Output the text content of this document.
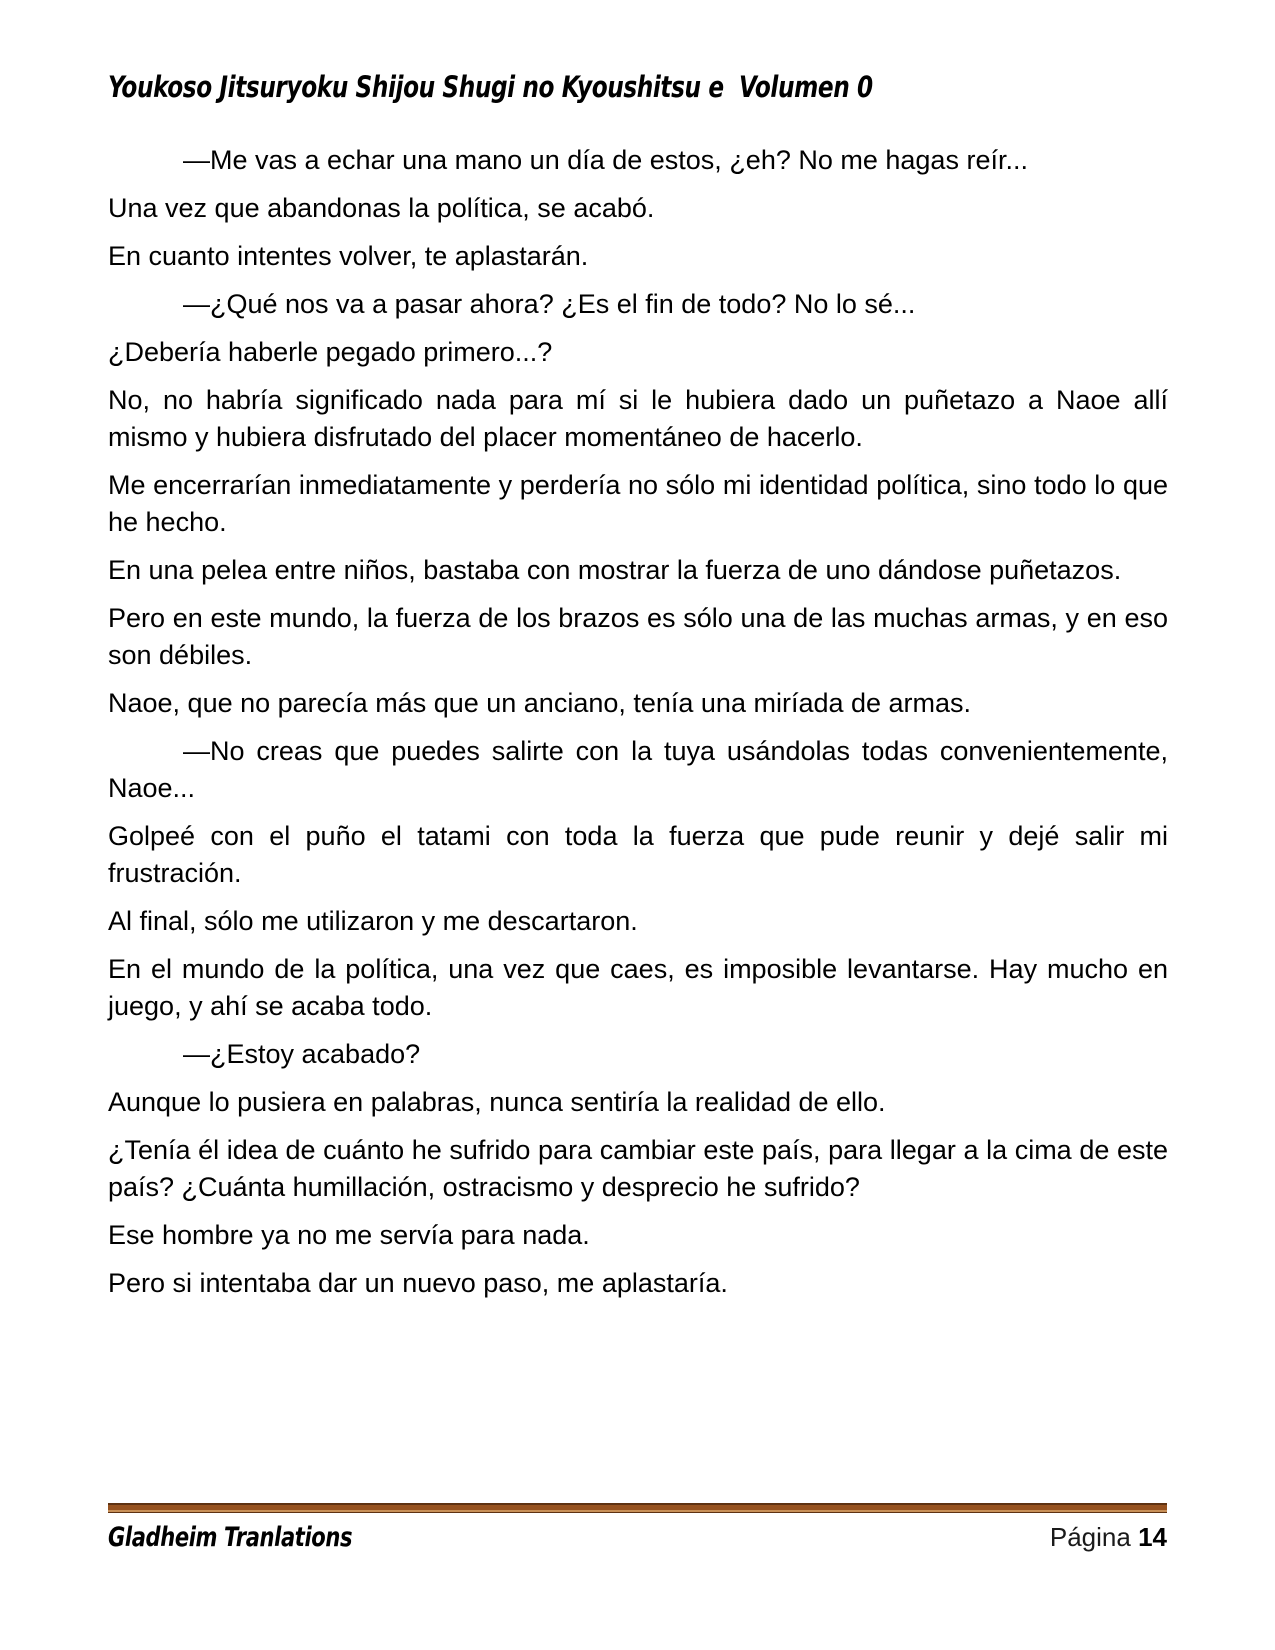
Youkoso Jitsuryoku Shijou Shugi no Kyoushitsu e  Volumen 0

—Me vas a echar una mano un día de estos, ¿eh? No me hagas reír...

Una vez que abandonas la política, se acabó.

En cuanto intentes volver, te aplastarán.

—¿Qué nos va a pasar ahora? ¿Es el fin de todo? No lo sé...

¿Debería haberle pegado primero...?

No, no habría significado nada para mí si le hubiera dado un puñetazo a Naoe allí mismo y hubiera disfrutado del placer momentáneo de hacerlo.

Me encerrarían inmediatamente y perdería no sólo mi identidad política, sino todo lo que he hecho.

En una pelea entre niños, bastaba con mostrar la fuerza de uno dándose puñetazos.

Pero en este mundo, la fuerza de los brazos es sólo una de las muchas armas, y en eso son débiles.

Naoe, que no parecía más que un anciano, tenía una miríada de armas.

—No creas que puedes salirte con la tuya usándolas todas convenientemente, Naoe...

Golpeé con el puño el tatami con toda la fuerza que pude reunir y dejé salir mi frustración.

Al final, sólo me utilizaron y me descartaron.

En el mundo de la política, una vez que caes, es imposible levantarse. Hay mucho en juego, y ahí se acaba todo.

—¿Estoy acabado?

Aunque lo pusiera en palabras, nunca sentiría la realidad de ello.

¿Tenía él idea de cuánto he sufrido para cambiar este país, para llegar a la cima de este país? ¿Cuánta humillación, ostracismo y desprecio he sufrido?

Ese hombre ya no me servía para nada.

Pero si intentaba dar un nuevo paso, me aplastaría.

Gladheim Tranlations	Página 14
